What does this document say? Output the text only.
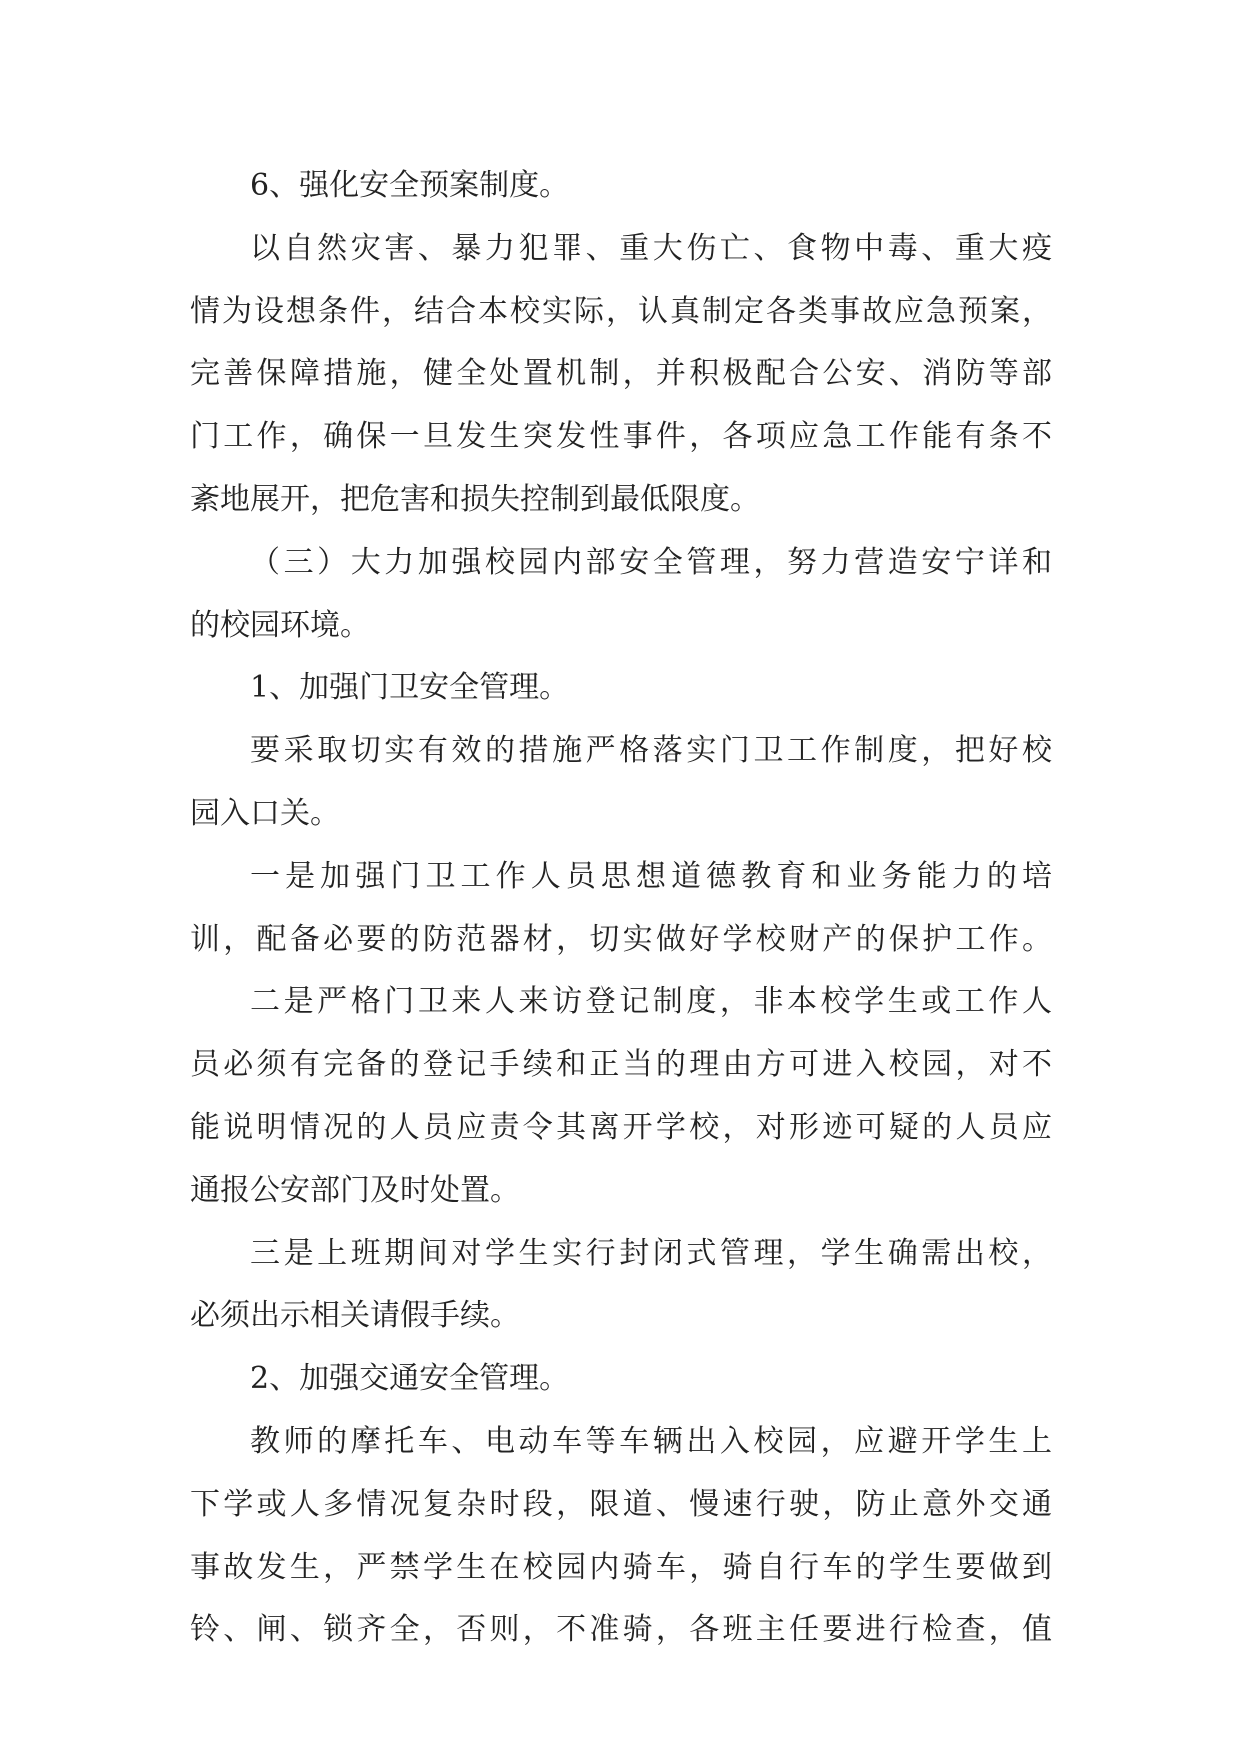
6、强化安全预案制度。
以自然灾害、暴力犯罪、重大伤亡、食物中毒、重大疫
情为设想条件，结合本校实际，认真制定各类事故应急预案，
完善保障措施，健全处置机制，并积极配合公安、消防等部
门工作，确保一旦发生突发性事件，各项应急工作能有条不
紊地展开，把危害和损失控制到最低限度。
（三）大力加强校园内部安全管理，努力营造安宁详和
的校园环境。
1、加强门卫安全管理。
要采取切实有效的措施严格落实门卫工作制度，把好校
园入口关。
一是加强门卫工作人员思想道德教育和业务能力的培
训，配备必要的防范器材，切实做好学校财产的保护工作。
二是严格门卫来人来访登记制度，非本校学生或工作人
员必须有完备的登记手续和正当的理由方可进入校园，对不
能说明情况的人员应责令其离开学校，对形迹可疑的人员应
通报公安部门及时处置。
三是上班期间对学生实行封闭式管理，学生确需出校，
必须出示相关请假手续。
2、加强交通安全管理。
教师的摩托车、电动车等车辆出入校园，应避开学生上
下学或人多情况复杂时段，限道、慢速行驶，防止意外交通
事故发生，严禁学生在校园内骑车，骑自行车的学生要做到
铃、闸、锁齐全，否则，不准骑，各班主任要进行检查，值
